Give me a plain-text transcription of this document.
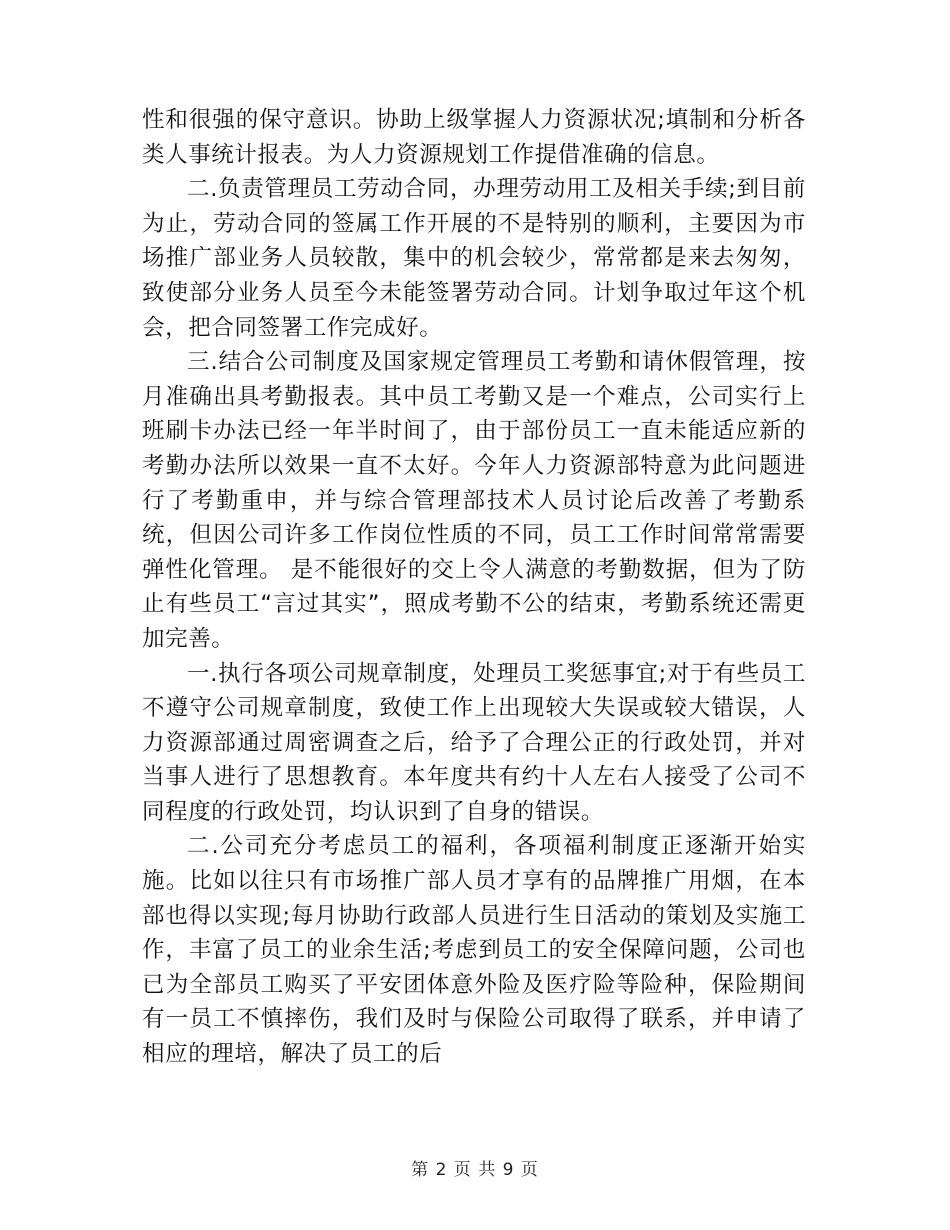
性和很强的保守意识。协助上级掌握人力资源状况;填制和分析各类人事统计报表。为人力资源规划工作提借准确的信息。

二.负责管理员工劳动合同，办理劳动用工及相关手续;到目前为止，劳动合同的签属工作开展的不是特别的顺利，主要因为市场推广部业务人员较散，集中的机会较少，常常都是来去匆匆，致使部分业务人员至今未能签署劳动合同。计划争取过年这个机会，把合同签署工作完成好。

三.结合公司制度及国家规定管理员工考勤和请休假管理，按月准确出具考勤报表。其中员工考勤又是一个难点，公司实行上班刷卡办法已经一年半时间了，由于部份员工一直未能适应新的考勤办法所以效果一直不太好。今年人力资源部特意为此问题进行了考勤重申，并与综合管理部技术人员讨论后改善了考勤系统，但因公司许多工作岗位性质的不同，员工工作时间常常需要弹性化管理。 是不能很好的交上令人满意的考勤数据，但为了防止有些员工“言过其实”，照成考勤不公的结束，考勤系统还需更加完善。

一.执行各项公司规章制度，处理员工奖惩事宜;对于有些员工不遵守公司规章制度，致使工作上出现较大失误或较大错误，人力资源部通过周密调查之后，给予了合理公正的行政处罚，并对当事人进行了思想教育。本年度共有约十人左右人接受了公司不同程度的行政处罚，均认识到了自身的错误。

二.公司充分考虑员工的福利，各项福利制度正逐渐开始实施。比如以往只有市场推广部人员才享有的品牌推广用烟，在本部也得以实现;每月协助行政部人员进行生日活动的策划及实施工作，丰富了员工的业余生活;考虑到员工的安全保障问题，公司也已为全部员工购买了平安团体意外险及医疗险等险种，保险期间有一员工不慎摔伤，我们及时与保险公司取得了联系，并申请了相应的理培，解决了员工的后

第 2 页 共 9 页
